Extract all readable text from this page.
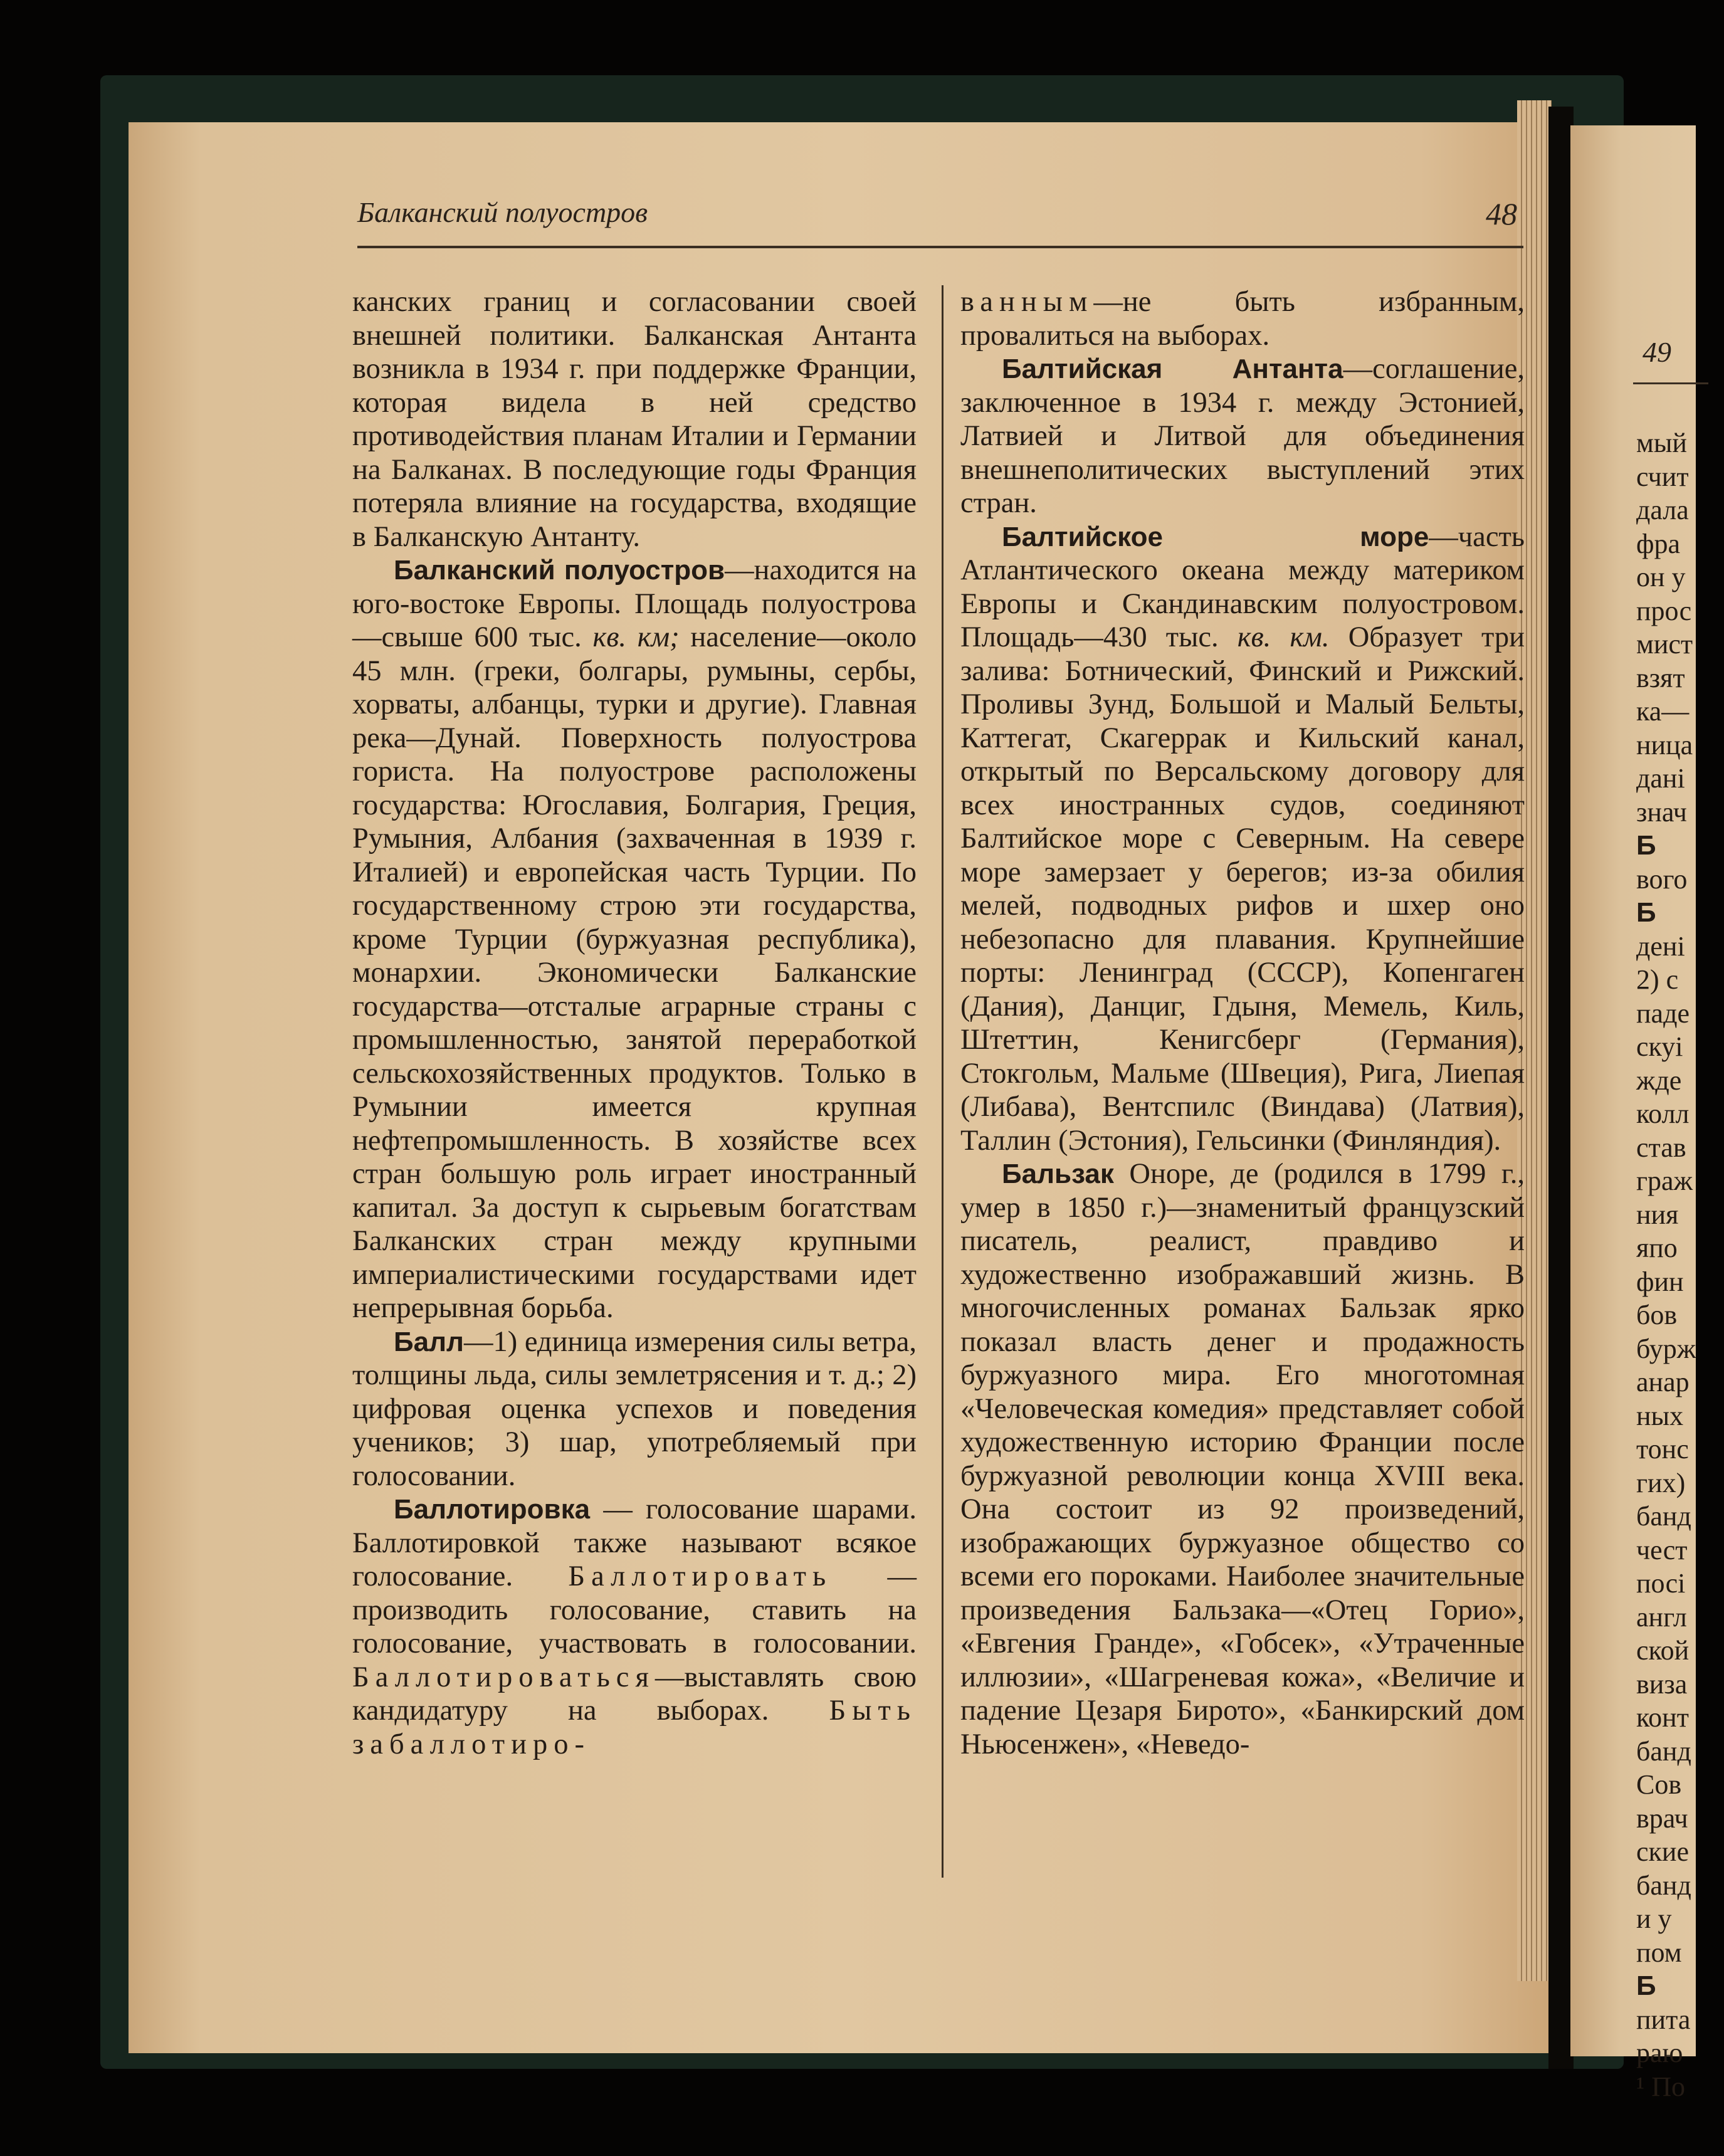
Балканский полуостров	48

канских границ и согласовании своей внешней политики. Балканская Антанта возникла в 1934 г. при поддержке Франции, которая видела в ней средство противодействия планам Италии и Германии на Балканах. В последующие годы Франция потеряла влияние на государства, входящие в Балканскую Антанту.

Балканский полуостров—находится на юго-востоке Европы. Площадь полуострова—свыше 600 тыс. кв. км; население—около 45 млн. (греки, болгары, румыны, сербы, хорваты, албанцы, турки и другие). Главная река—Дунай. Поверхность полуострова гориста. На полуострове расположены государства: Югославия, Болгария, Греция, Румыния, Албания (захваченная в 1939 г. Италией) и европейская часть Турции. По государственному строю эти государства, кроме Турции (буржуазная республика), монархии. Экономически Балканские государства—отсталые аграрные страны с промышленностью, занятой переработкой сельскохозяйственных продуктов. Только в Румынии имеется крупная нефтепромышленность. В хозяйстве всех стран большую роль играет иностранный капитал. За доступ к сырьевым богатствам Балканских стран между крупными империалистическими государствами идет непрерывная борьба.

Балл—1) единица измерения силы ветра, толщины льда, силы землетрясения и т. д.; 2) цифровая оценка успехов и поведения учеников; 3) шар, употребляемый при голосовании.

Баллотировка — голосование шарами. Баллотировкой также называют всякое голосование. Баллотировать — производить голосование, ставить на голосование, участвовать в голосовании. Баллотироваться—выставлять свою кандидатуру на выборах. Быть забаллотиро-

ванным—не быть избранным, провалиться на выборах.

Балтийская Антанта—соглашение, заключенное в 1934 г. между Эстонией, Латвией и Литвой для объединения внешнеполитических выступлений этих стран.

Балтийское море—часть Атлантического океана между материком Европы и Скандинавским полуостровом. Площадь—430 тыс. кв. км. Образует три залива: Ботнический, Финский и Рижский. Проливы Зунд, Большой и Малый Бельты, Каттегат, Скагеррак и Кильский канал, открытый по Версальскому договору для всех иностранных судов, соединяют Балтийское море с Северным. На севере море замерзает у берегов; из-за обилия мелей, подводных рифов и шхер оно небезопасно для плавания. Крупнейшие порты: Ленинград (СССР), Копенгаген (Дания), Данциг, Гдыня, Мемель, Киль, Штеттин, Кенигсберг (Германия), Стокгольм, Мальме (Швеция), Рига, Лиепая (Либава), Вентспилс (Виндава) (Латвия), Таллин (Эстония), Гельсинки (Финляндия).

Бальзак Оноре, де (родился в 1799 г., умер в 1850 г.)—знаменитый французский писатель, реалист, правдиво и художественно изображавший жизнь. В многочисленных романах Бальзак ярко показал власть денег и продажность буржуазного мира. Его многотомная «Человеческая комедия» представляет собой художественную историю Франции после буржуазной революции конца XVIII века. Она состоит из 92 произведений, изображающих буржуазное общество со всеми его пороками. Наиболее значительные произведения Бальзака—«Отец Горио», «Евгения Гранде», «Гобсек», «Утраченные иллюзии», «Шагреневая кожа», «Величие и падение Цезаря Бирото», «Банкирский дом Ньюсенжен», «Неведо-

49
мый
счит
дала
фра
он у
прос
мист
взят
ка—
ница
дані
знач
Б
вого
Б
дені
2) с
паде
скуі
жде
колл
став
граж
ния
япо
фин
бов
бурж
анар
ных
тонс
гих)
банд
чест
посі
англ
ской
виза
конт
банд
Сов
врач
ские
банд
и у
пом
Б
пита
раю
¹ По
